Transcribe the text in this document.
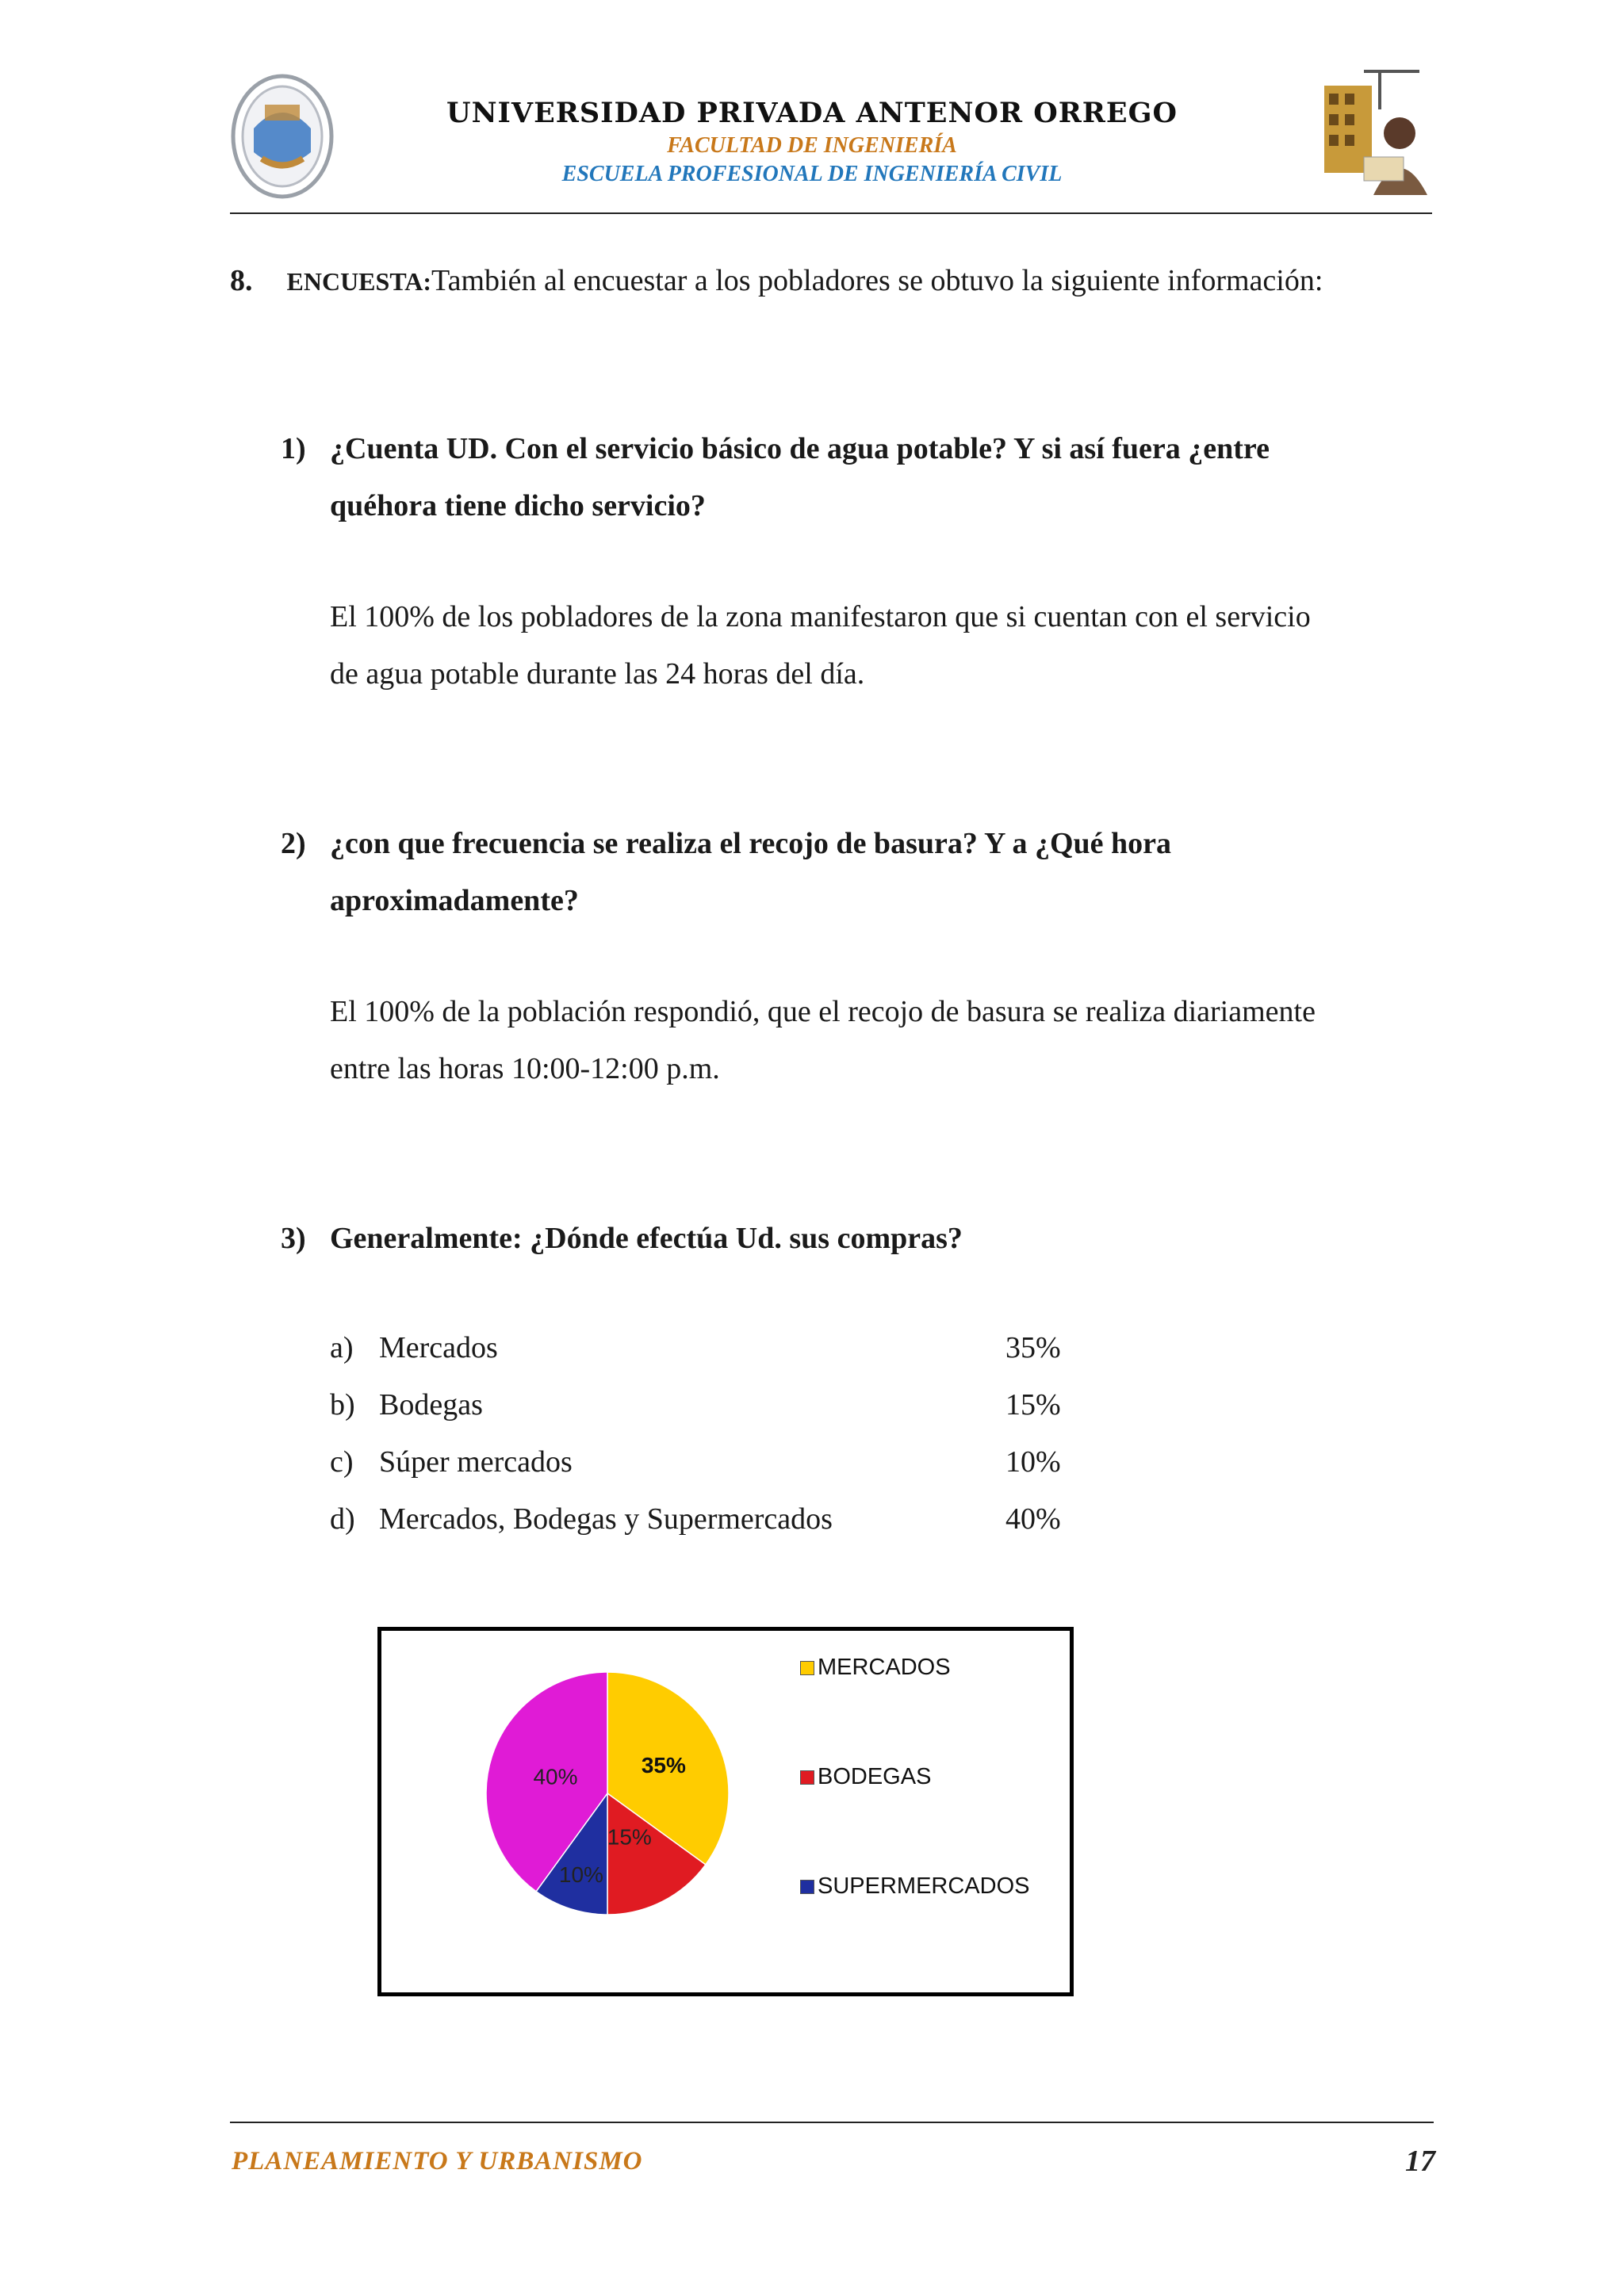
UNIVERSIDAD PRIVADA ANTENOR ORREGO
FACULTAD DE INGENIERÍA
ESCUELA PROFESIONAL DE INGENIERÍA CIVIL
8. ENCUESTA:También al encuestar a los pobladores se obtuvo la siguiente información:
1) ¿Cuenta UD. Con el servicio básico de agua potable? Y si así fuera ¿entre
quéhora tiene dicho servicio?
El 100% de los pobladores de la zona manifestaron que si cuentan con el servicio
de agua potable durante las 24 horas del día.
2) ¿con que frecuencia se realiza el recojo de basura? Y a ¿Qué hora
aproximadamente?
El 100% de la población respondió, que el recojo de basura se realiza diariamente
entre las horas 10:00-12:00 p.m.
3) Generalmente: ¿Dónde efectúa Ud. sus compras?
a) Mercados	35%
b) Bodegas	15%
c) Súper mercados	10%
d) Mercados, Bodegas y Supermercados	40%
35%
15%
10%
40%
MERCADOS
BODEGAS
SUPERMERCADOS
PLANEAMIENTO Y URBANISMO	17
